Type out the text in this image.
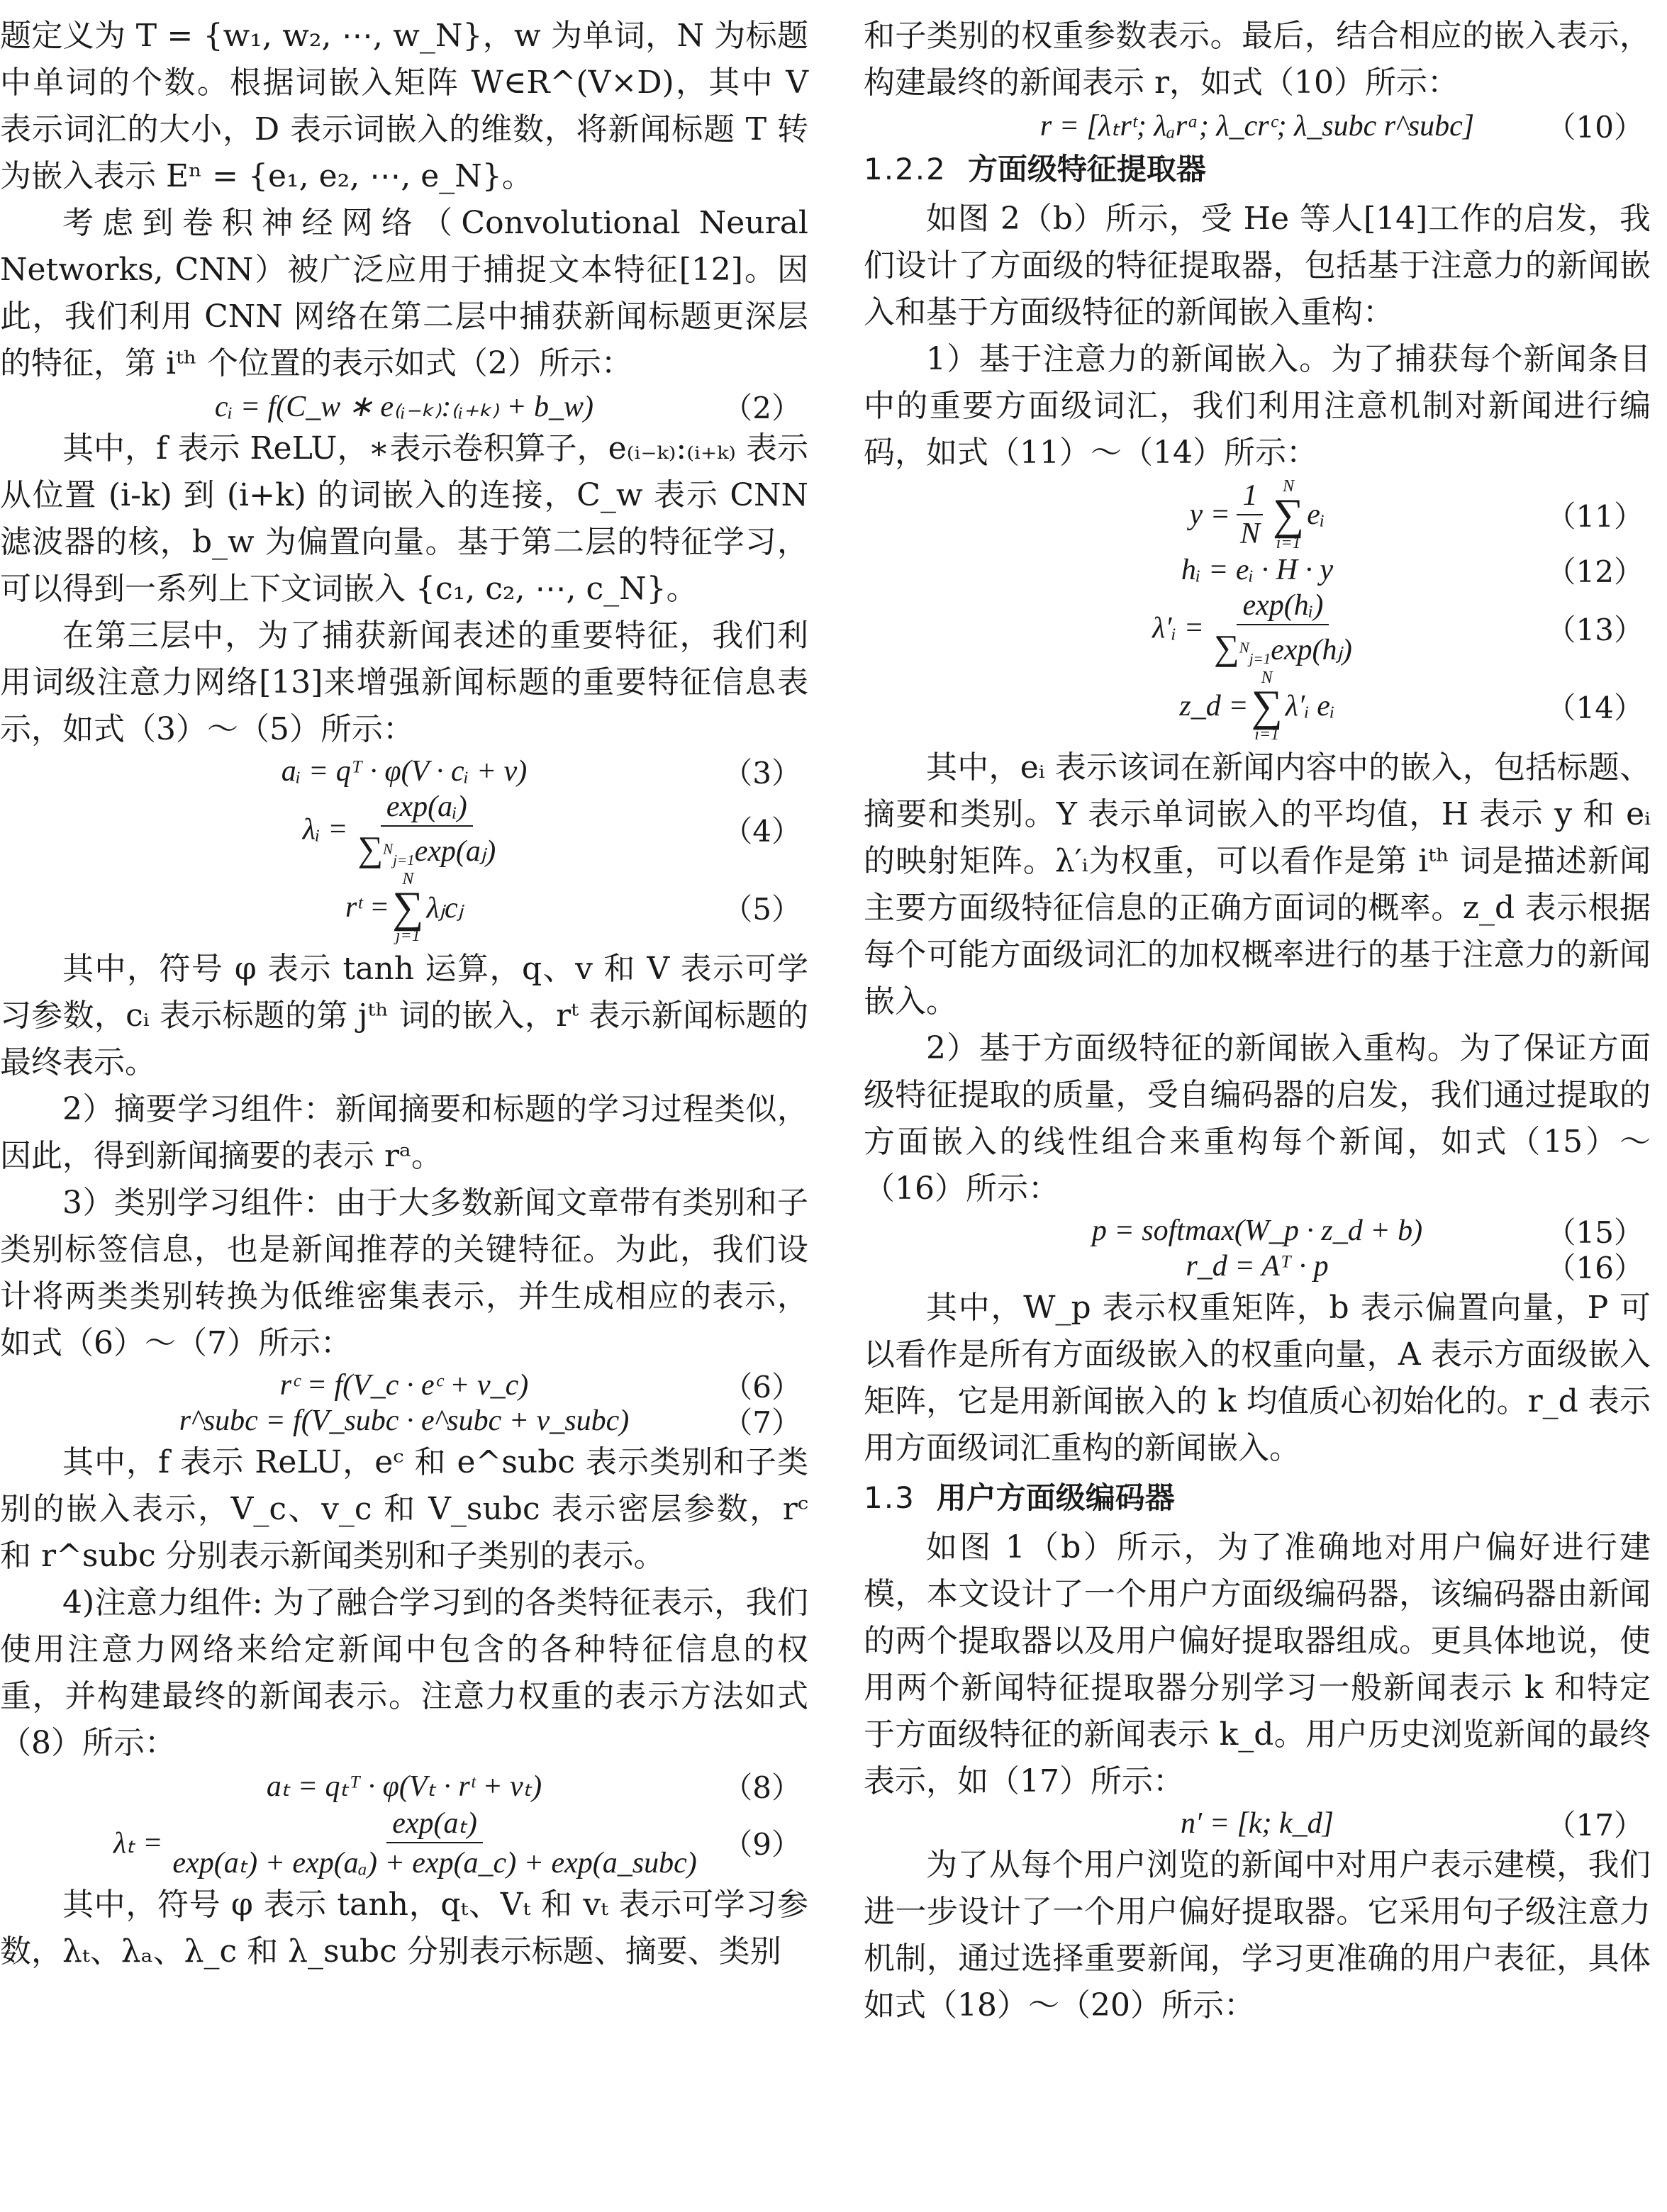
题定义为 T = {w₁, w₂, ⋯, w_N}，w 为单词，N 为标题中单词的个数。根据词嵌入矩阵 W∈R^(V×D)，其中 V 表示词汇的大小，D 表示词嵌入的维数，将新闻标题 T 转为嵌入表示 Eⁿ = {e₁, e₂, ⋯, e_N}。

考虑到卷积神经网络（Convolutional Neural Networks, CNN）被广泛应用于捕捉文本特征[12]。因此，我们利用 CNN 网络在第二层中捕获新闻标题更深层的特征，第 iᵗʰ 个位置的表示如式（2）所示：

cᵢ = f(C_w ∗ e₍ᵢ₋ₖ₎:₍ᵢ₊ₖ₎ + b_w)	（2）

其中，f 表示 ReLU，∗表示卷积算子，e₍ᵢ₋ₖ₎:₍ᵢ₊ₖ₎ 表示从位置 (i-k) 到 (i+k) 的词嵌入的连接，C_w 表示 CNN 滤波器的核，b_w 为偏置向量。基于第二层的特征学习，可以得到一系列上下文词嵌入 {c₁, c₂, ⋯, c_N}。

在第三层中，为了捕获新闻表述的重要特征，我们利用词级注意力网络[13]来增强新闻标题的重要特征信息表示，如式（3）～（5）所示：

aᵢ = qᵀ · φ(V · cᵢ + v)	（3）
λᵢ = $\frac{\text{exp(aᵢ)}}{\sum^N_{j=1}\exp(aⱼ)}$	（4）
rᵗ =
N
∑
j=1
λⱼcⱼ	（5）

其中，符号 φ 表示 tanh 运算，q、v 和 V 表示可学习参数，cᵢ 表示标题的第 jᵗʰ 词的嵌入，rᵗ 表示新闻标题的最终表示。

2）摘要学习组件：新闻摘要和标题的学习过程类似，因此，得到新闻摘要的表示 rᵃ。

3）类别学习组件：由于大多数新闻文章带有类别和子类别标签信息，也是新闻推荐的关键特征。为此，我们设计将两类类别转换为低维密集表示，并生成相应的表示，如式（6）～（7）所示：

rᶜ = f(V_c · eᶜ + v_c)	（6）
r^subc = f(V_subc · e^subc + v_subc)	（7）

其中，f 表示 ReLU，eᶜ 和 e^subc 表示类别和子类别的嵌入表示，V_c、v_c 和 V_subc 表示密层参数，rᶜ 和 r^subc 分别表示新闻类别和子类别的表示。

4)注意力组件: 为了融合学习到的各类特征表示，我们使用注意力网络来给定新闻中包含的各种特征信息的权重，并构建最终的新闻表示。注意力权重的表示方法如式（8）所示：

aₜ = qₜᵀ · φ(Vₜ · rᵗ + vₜ)	（8）
$\lambda_t = \frac{\text{exp(aₜ)}}{\text{exp(aₜ) + exp(aₐ) + exp(a\_c) + exp(a\_subc)}} (9)$

其中，符号 φ 表示 tanh，qₜ、Vₜ 和 vₜ 表示可学习参数，λₜ、λₐ、λ_c 和 λ_subc 分别表示标题、摘要、类别

和子类别的权重参数表示。最后，结合相应的嵌入表示，构建最终的新闻表示 r，如式（10）所示：

r = [λₜrᵗ; λₐrᵃ; λ_crᶜ; λ_subc r^subc] （10）
1.2.2 方面级特征提取器

如图 2（b）所示，受 He 等人[14]工作的启发，我们设计了方面级的特征提取器，包括基于注意力的新闻嵌入和基于方面级特征的新闻嵌入重构：

1）基于注意力的新闻嵌入。为了捕获每个新闻条目中的重要方面级词汇，我们利用注意机制对新闻进行编码，如式（11）～（14）所示：

$y = \frac{1}{N}$ N
∑
i=1
eᵢ	（11）
hᵢ = eᵢ · H · y	（12）
λ′ᵢ = $\frac{\text{exp(hᵢ)}}{\sum^N_{j=1}\exp(hⱼ)}$	（13）
z_d =
N
∑
i=1
λ′ᵢ eᵢ	（14）

其中，eᵢ 表示该词在新闻内容中的嵌入，包括标题、摘要和类别。Y 表示单词嵌入的平均值，H 表示 y 和 eᵢ 的映射矩阵。λ′ᵢ为权重，可以看作是第 iᵗʰ 词是描述新闻主要方面级特征信息的正确方面词的概率。z_d 表示根据每个可能方面级词汇的加权概率进行的基于注意力的新闻嵌入。

2）基于方面级特征的新闻嵌入重构。为了保证方面级特征提取的质量，受自编码器的启发，我们通过提取的方面嵌入的线性组合来重构每个新闻，如式（15）～（16）所示：

p = softmax(W_p · z_d + b)	（15）
r_d = Aᵀ · p	（16）

其中，W_p 表示权重矩阵，b 表示偏置向量，P 可以看作是所有方面级嵌入的权重向量，A 表示方面级嵌入矩阵，它是用新闻嵌入的 k 均值质心初始化的。r_d 表示用方面级词汇重构的新闻嵌入。

1.3 用户方面级编码器

如图 1（b）所示，为了准确地对用户偏好进行建模，本文设计了一个用户方面级编码器，该编码器由新闻的两个提取器以及用户偏好提取器组成。更具体地说，使用两个新闻特征提取器分别学习一般新闻表示 k 和特定于方面级特征的新闻表示 k_d。用户历史浏览新闻的最终表示，如（17）所示：

n′ = [k; k_d]	（17）

为了从每个用户浏览的新闻中对用户表示建模，我们进一步设计了一个用户偏好提取器。它采用句子级注意力机制，通过选择重要新闻，学习更准确的用户表征，具体如式（18）～（20）所示：
